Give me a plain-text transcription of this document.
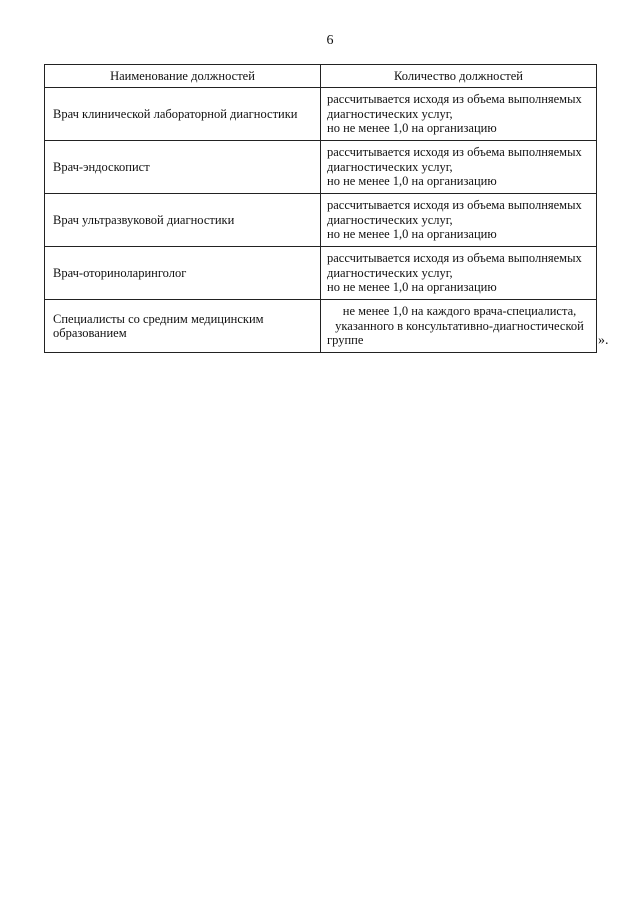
6
Наименование должностей	Количество должностей
Врач клинической лабораторной диагностики	рассчитывается исходя из объема выполняемых
диагностических услуг,
но не менее 1,0 на организацию

Врач-эндоскопист	рассчитывается исходя из объема выполняемых
диагностических услуг,
но не менее 1,0 на организацию

Врач ультразвуковой диагностики	рассчитывается исходя из объема выполняемых
диагностических услуг,
но не менее 1,0 на организацию

Врач-оториноларинголог	рассчитывается исходя из объема выполняемых
диагностических услуг,
но не менее 1,0 на организацию

Специалисты со средним медицинским образованием	не менее 1,0 на каждого врача-специалиста,
указанного в консультативно-диагностической
группе	».
